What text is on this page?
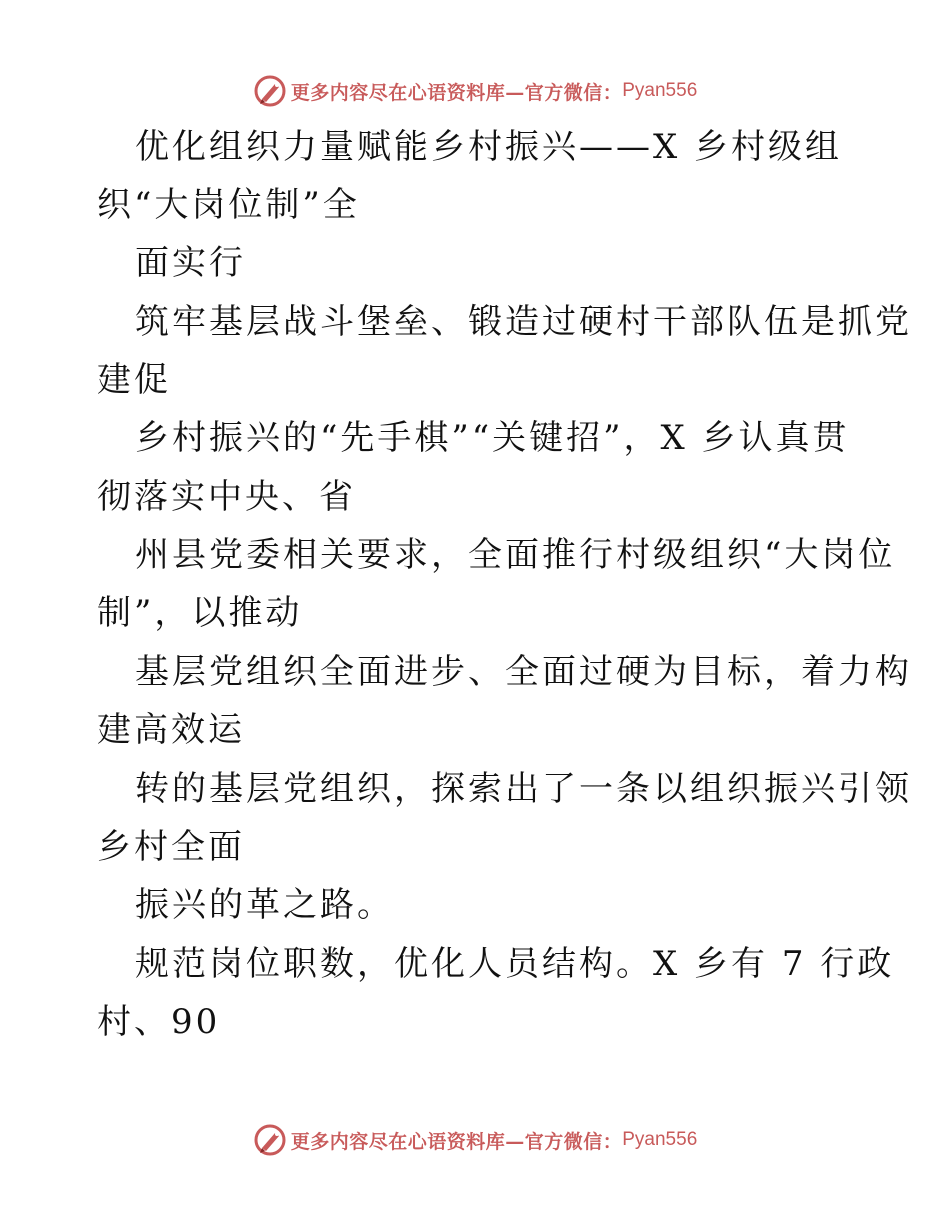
更多内容尽在心语资料库—官方微信： Pyan556
优化组织力量赋能乡村振兴——X 乡村级组
织“大岗位制”全
面实行
筑牢基层战斗堡垒、锻造过硬村干部队伍是抓党
建促
乡村振兴的“先手棋”“关键招”，X 乡认真贯
彻落实中央、省
州县党委相关要求，全面推行村级组织“大岗位
制”，以推动
基层党组织全面进步、全面过硬为目标，着力构
建高效运
转的基层党组织，探索出了一条以组织振兴引领
乡村全面
振兴的革之路。
规范岗位职数，优化人员结构。X 乡有 7 行政
村、90
更多内容尽在心语资料库—官方微信： Pyan556
